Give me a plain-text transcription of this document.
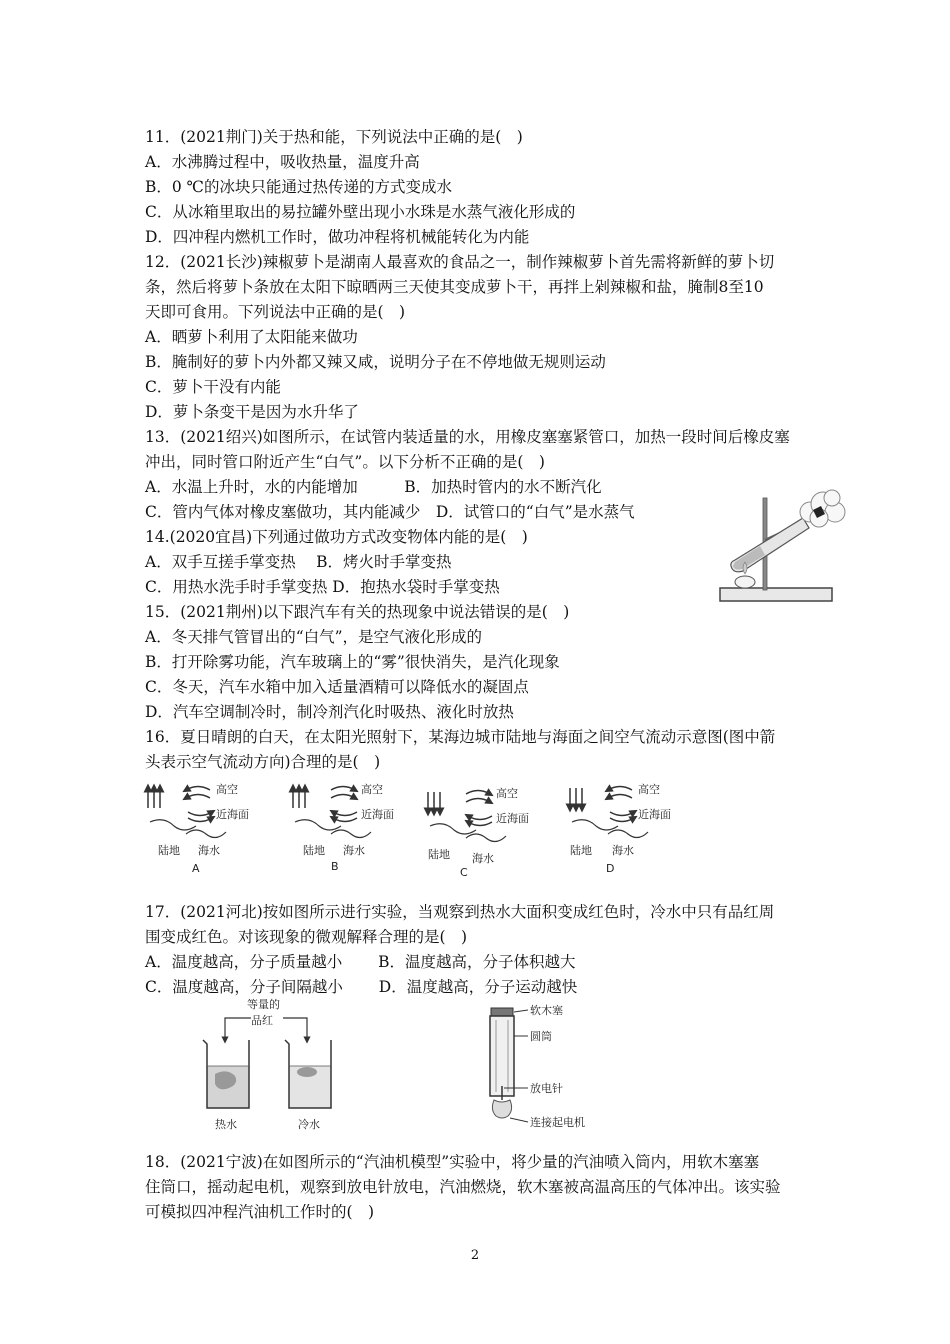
11．(2021荆门)关于热和能，下列说法中正确的是(　)
A．水沸腾过程中，吸收热量，温度升高
B．0 ℃的冰块只能通过热传递的方式变成水
C．从冰箱里取出的易拉罐外壁出现小水珠是水蒸气液化形成的
D．四冲程内燃机工作时，做功冲程将机械能转化为内能
12．(2021长沙)辣椒萝卜是湖南人最喜欢的食品之一，制作辣椒萝卜首先需将新鲜的萝卜切
条，然后将萝卜条放在太阳下晾晒两三天使其变成萝卜干，再拌上剁辣椒和盐，腌制8至10
天即可食用。下列说法中正确的是(　)
A．晒萝卜利用了太阳能来做功
B．腌制好的萝卜内外都又辣又咸，说明分子在不停地做无规则运动
C．萝卜干没有内能
D．萝卜条变干是因为水升华了
13．(2021绍兴)如图所示，在试管内装适量的水，用橡皮塞塞紧管口，加热一段时间后橡皮塞
冲出，同时管口附近产生“白气”。以下分析不正确的是(　)
A．水温上升时，水的内能增加　　　B．加热时管内的水不断汽化
C．管内气体对橡皮塞做功，其内能减少　D．试管口的“白气”是水蒸气
14.(2020宜昌)下列通过做功方式改变物体内能的是(　)
A．双手互搓手掌变热　 B．烤火时手掌变热
C．用热水洗手时手掌变热 D．抱热水袋时手掌变热
15．(2021荆州)以下跟汽车有关的热现象中说法错误的是(　)
A．冬天排气管冒出的“白气”，是空气液化形成的
B．打开除雾功能，汽车玻璃上的“雾”很快消失，是汽化现象
C．冬天，汽车水箱中加入适量酒精可以降低水的凝固点
D．汽车空调制冷时，制冷剂汽化时吸热、液化时放热
16．夏日晴朗的白天，在太阳光照射下，某海边城市陆地与海面之间空气流动示意图(图中箭
头表示空气流动方向)合理的是(　)
高空
近海面
陆地 海水
A
高空
近海面
陆地 海水
B
高空
近海面
陆地 海水
C
高空
近海面
陆地 海水
D
17．(2021河北)按如图所示进行实验，当观察到热水大面积变成红色时，冷水中只有品红周
围变成红色。对该现象的微观解释合理的是(　)
A．温度越高，分子质量越小　　 B．温度越高，分子体积越大
C．温度越高，分子间隔越小　　 D．温度越高，分子运动越快
等量的
品红
热水	冷水
软木塞
圆筒
放电针
连接起电机
18．(2021宁波)在如图所示的“汽油机模型”实验中，将少量的汽油喷入筒内，用软木塞塞
住筒口，摇动起电机，观察到放电针放电，汽油燃烧，软木塞被高温高压的气体冲出。该实验
可模拟四冲程汽油机工作时的(　)
2
